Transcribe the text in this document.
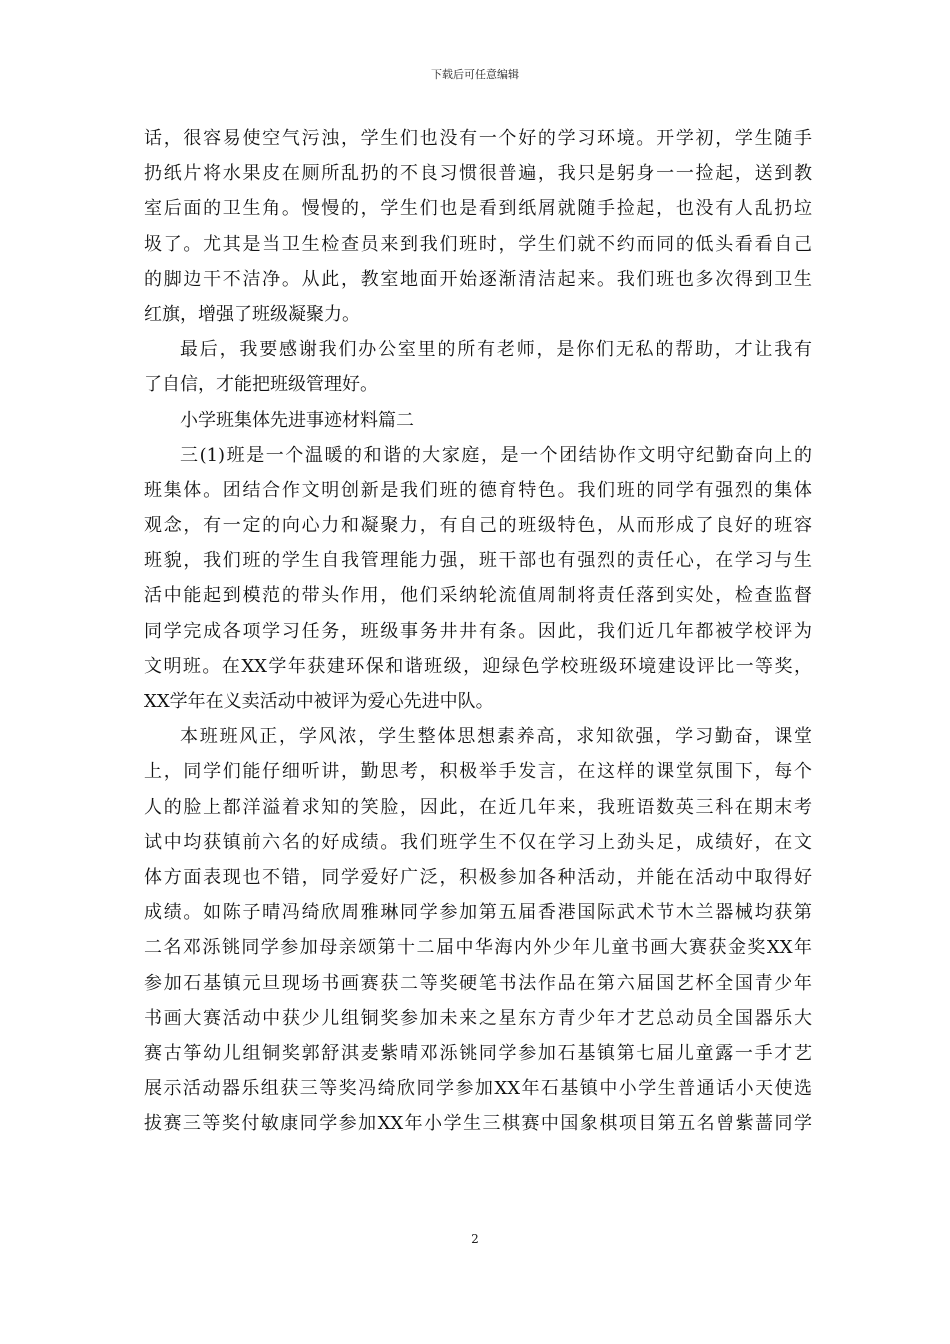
下载后可任意编辑
话，很容易使空气污浊，学生们也没有一个好的学习环境。开学初，学生随手
扔纸片将水果皮在厕所乱扔的不良习惯很普遍，我只是躬身一一捡起，送到教
室后面的卫生角。慢慢的，学生们也是看到纸屑就随手捡起，也没有人乱扔垃
圾了。尤其是当卫生检查员来到我们班时，学生们就不约而同的低头看看自己
的脚边干不洁净。从此，教室地面开始逐渐清洁起来。我们班也多次得到卫生
红旗，增强了班级凝聚力。
最后，我要感谢我们办公室里的所有老师，是你们无私的帮助，才让我有
了自信，才能把班级管理好。
小学班集体先进事迹材料篇二
三(1)班是一个温暖的和谐的大家庭，是一个团结协作文明守纪勤奋向上的
班集体。团结合作文明创新是我们班的德育特色。我们班的同学有强烈的集体
观念，有一定的向心力和凝聚力，有自己的班级特色，从而形成了良好的班容
班貌，我们班的学生自我管理能力强，班干部也有强烈的责任心，在学习与生
活中能起到模范的带头作用，他们采纳轮流值周制将责任落到实处，检查监督
同学完成各项学习任务，班级事务井井有条。因此，我们近几年都被学校评为
文明班。在XX学年获建环保和谐班级，迎绿色学校班级环境建设评比一等奖，
XX学年在义卖活动中被评为爱心先进中队。
本班班风正，学风浓，学生整体思想素养高，求知欲强，学习勤奋，课堂
上，同学们能仔细听讲，勤思考，积极举手发言，在这样的课堂氛围下，每个
人的脸上都洋溢着求知的笑脸，因此，在近几年来，我班语数英三科在期末考
试中均获镇前六名的好成绩。我们班学生不仅在学习上劲头足，成绩好，在文
体方面表现也不错，同学爱好广泛，积极参加各种活动，并能在活动中取得好
成绩。如陈子晴冯绮欣周雅琳同学参加第五届香港国际武术节木兰器械均获第
二名邓泺铫同学参加母亲颂第十二届中华海内外少年儿童书画大赛获金奖XX年
参加石基镇元旦现场书画赛获二等奖硬笔书法作品在第六届国艺杯全国青少年
书画大赛活动中获少儿组铜奖参加未来之星东方青少年才艺总动员全国器乐大
赛古筝幼儿组铜奖郭舒淇麦紫晴邓泺铫同学参加石基镇第七届儿童露一手才艺
展示活动器乐组获三等奖冯绮欣同学参加XX年石基镇中小学生普通话小天使选
拔赛三等奖付敏康同学参加XX年小学生三棋赛中国象棋项目第五名曾紫蔷同学
2
